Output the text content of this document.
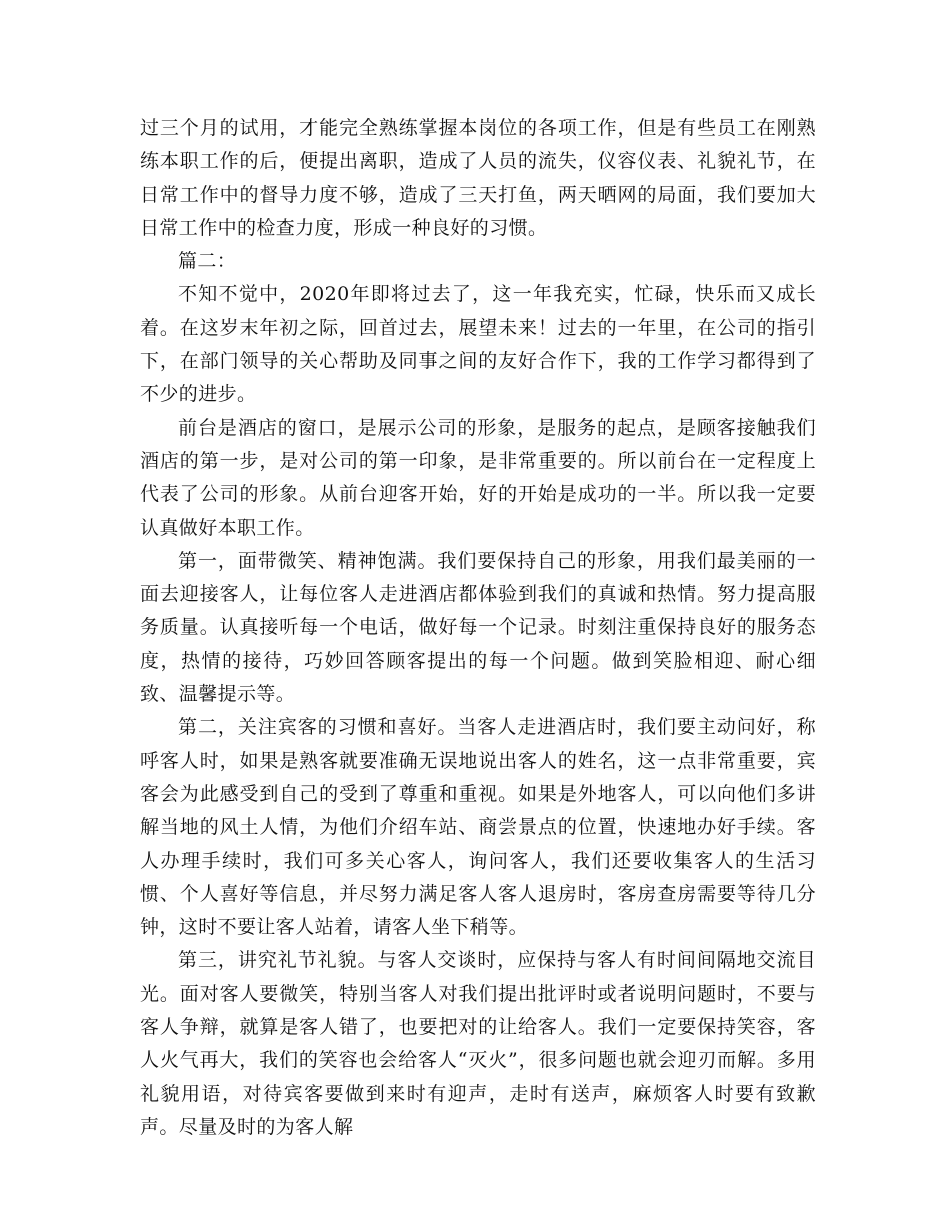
过三个月的试用，才能完全熟练掌握本岗位的各项工作，但是有些员工在刚熟练本职工作的后，便提出离职，造成了人员的流失，仪容仪表、礼貌礼节，在日常工作中的督导力度不够，造成了三天打鱼，两天晒网的局面，我们要加大日常工作中的检查力度，形成一种良好的习惯。

篇二：

不知不觉中，2020年即将过去了，这一年我充实，忙碌，快乐而又成长着。在这岁末年初之际，回首过去，展望未来！过去的一年里，在公司的指引下，在部门领导的关心帮助及同事之间的友好合作下，我的工作学习都得到了不少的进步。

前台是酒店的窗口，是展示公司的形象，是服务的起点，是顾客接触我们酒店的第一步，是对公司的第一印象，是非常重要的。所以前台在一定程度上代表了公司的形象。从前台迎客开始，好的开始是成功的一半。所以我一定要认真做好本职工作。

第一，面带微笑、精神饱满。我们要保持自己的形象，用我们最美丽的一面去迎接客人，让每位客人走进酒店都体验到我们的真诚和热情。努力提高服务质量。认真接听每一个电话，做好每一个记录。时刻注重保持良好的服务态度，热情的接待，巧妙回答顾客提出的每一个问题。做到笑脸相迎、耐心细致、温馨提示等。

第二，关注宾客的习惯和喜好。当客人走进酒店时，我们要主动问好，称呼客人时，如果是熟客就要准确无误地说出客人的姓名，这一点非常重要，宾客会为此感受到自己的受到了尊重和重视。如果是外地客人，可以向他们多讲解当地的风土人情，为他们介绍车站、商尝景点的位置，快速地办好手续。客人办理手续时，我们可多关心客人，询问客人，我们还要收集客人的生活习惯、个人喜好等信息，并尽努力满足客人客人退房时，客房查房需要等待几分钟，这时不要让客人站着，请客人坐下稍等。

第三，讲究礼节礼貌。与客人交谈时，应保持与客人有时间间隔地交流目光。面对客人要微笑，特别当客人对我们提出批评时或者说明问题时，不要与客人争辩，就算是客人错了，也要把对的让给客人。我们一定要保持笑容，客人火气再大，我们的笑容也会给客人“灭火”，很多问题也就会迎刃而解。多用礼貌用语，对待宾客要做到来时有迎声，走时有送声，麻烦客人时要有致歉声。尽量及时的为客人解
